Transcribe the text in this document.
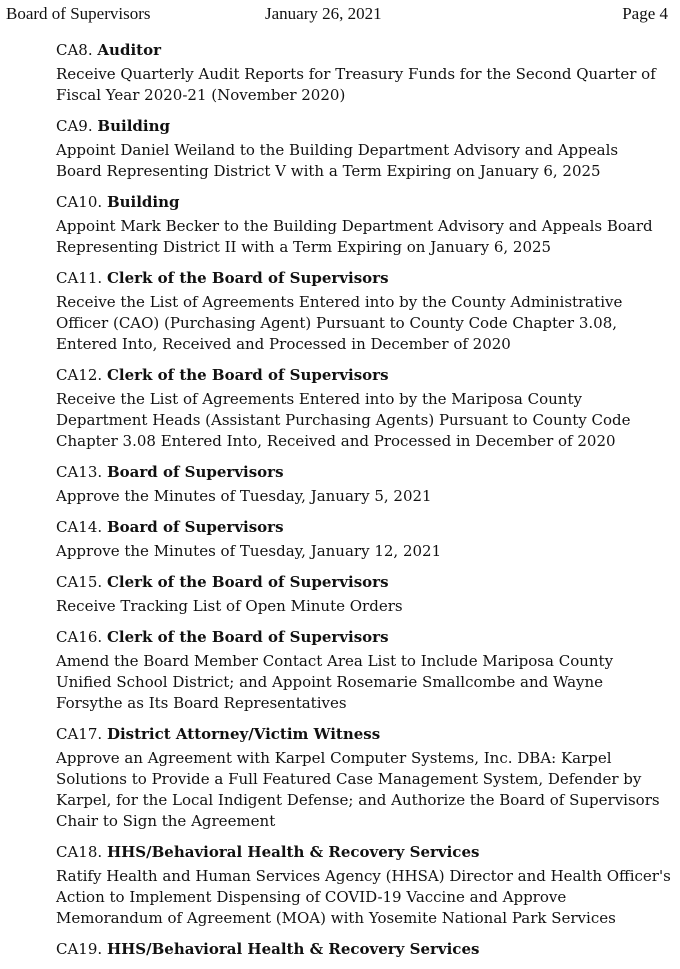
Board of Supervisors	January 26, 2021	Page 4
CA8. Auditor
Receive Quarterly Audit Reports for Treasury Funds for the Second Quarter of
Fiscal Year 2020-21 (November 2020)
CA9. Building
Appoint Daniel Weiland to the Building Department Advisory and Appeals
Board Representing District V with a Term Expiring on January 6, 2025
CA10. Building
Appoint Mark Becker to the Building Department Advisory and Appeals Board
Representing District II with a Term Expiring on January 6, 2025
CA11. Clerk of the Board of Supervisors
Receive the List of Agreements Entered into by the County Administrative
Officer (CAO) (Purchasing Agent) Pursuant to County Code Chapter 3.08,
Entered Into, Received and Processed in December of 2020
CA12. Clerk of the Board of Supervisors
Receive the List of Agreements Entered into by the Mariposa County
Department Heads (Assistant Purchasing Agents) Pursuant to County Code
Chapter 3.08 Entered Into, Received and Processed in December of 2020
CA13. Board of Supervisors
Approve the Minutes of Tuesday, January 5, 2021
CA14. Board of Supervisors
Approve the Minutes of Tuesday, January 12, 2021
CA15. Clerk of the Board of Supervisors
Receive Tracking List of Open Minute Orders
CA16. Clerk of the Board of Supervisors
Amend the Board Member Contact Area List to Include Mariposa County
Unified School District; and Appoint Rosemarie Smallcombe and Wayne
Forsythe as Its Board Representatives
CA17. District Attorney/Victim Witness
Approve an Agreement with Karpel Computer Systems, Inc. DBA: Karpel
Solutions to Provide a Full Featured Case Management System, Defender by
Karpel, for the Local Indigent Defense; and Authorize the Board of Supervisors
Chair to Sign the Agreement
CA18. HHS/Behavioral Health & Recovery Services
Ratify Health and Human Services Agency (HHSA) Director and Health Officer's
Action to Implement Dispensing of COVID-19 Vaccine and Approve
Memorandum of Agreement (MOA) with Yosemite National Park Services
CA19. HHS/Behavioral Health & Recovery Services
